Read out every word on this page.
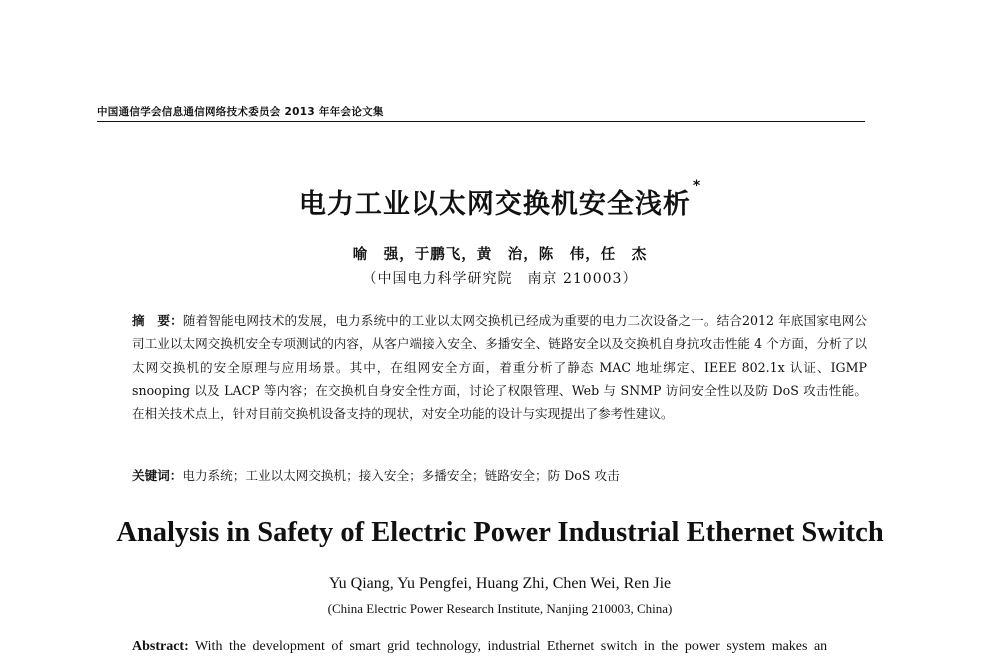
中国通信学会信息通信网络技术委员会 2013 年年会论文集
电力工业以太网交换机安全浅析*
喻　强，于鹏飞，黄　治，陈　伟，任　杰
（中国电力科学研究院　南京 210003）
摘　要：随着智能电网技术的发展，电力系统中的工业以太网交换机已经成为重要的电力二次设备之一。结合2012 年底国家电网公司工业以太网交换机安全专项测试的内容，从客户端接入安全、多播安全、链路安全以及交换机自身抗攻击性能 4 个方面，分析了以太网交换机的安全原理与应用场景。其中，在组网安全方面，着重分析了静态 MAC 地址绑定、IEEE 802.1x 认证、IGMP snooping 以及 LACP 等内容；在交换机自身安全性方面，讨论了权限管理、Web 与 SNMP 访问安全性以及防 DoS 攻击性能。在相关技术点上，针对目前交换机设备支持的现状，对安全功能的设计与实现提出了参考性建议。
关键词：电力系统；工业以太网交换机；接入安全；多播安全；链路安全；防 DoS 攻击
Analysis in Safety of Electric Power Industrial Ethernet Switch
Yu Qiang, Yu Pengfei, Huang Zhi, Chen Wei, Ren Jie
(China Electric Power Research Institute, Nanjing 210003, China)
Abstract: With the development of smart grid technology, industrial Ethernet switch in the power system makes an
